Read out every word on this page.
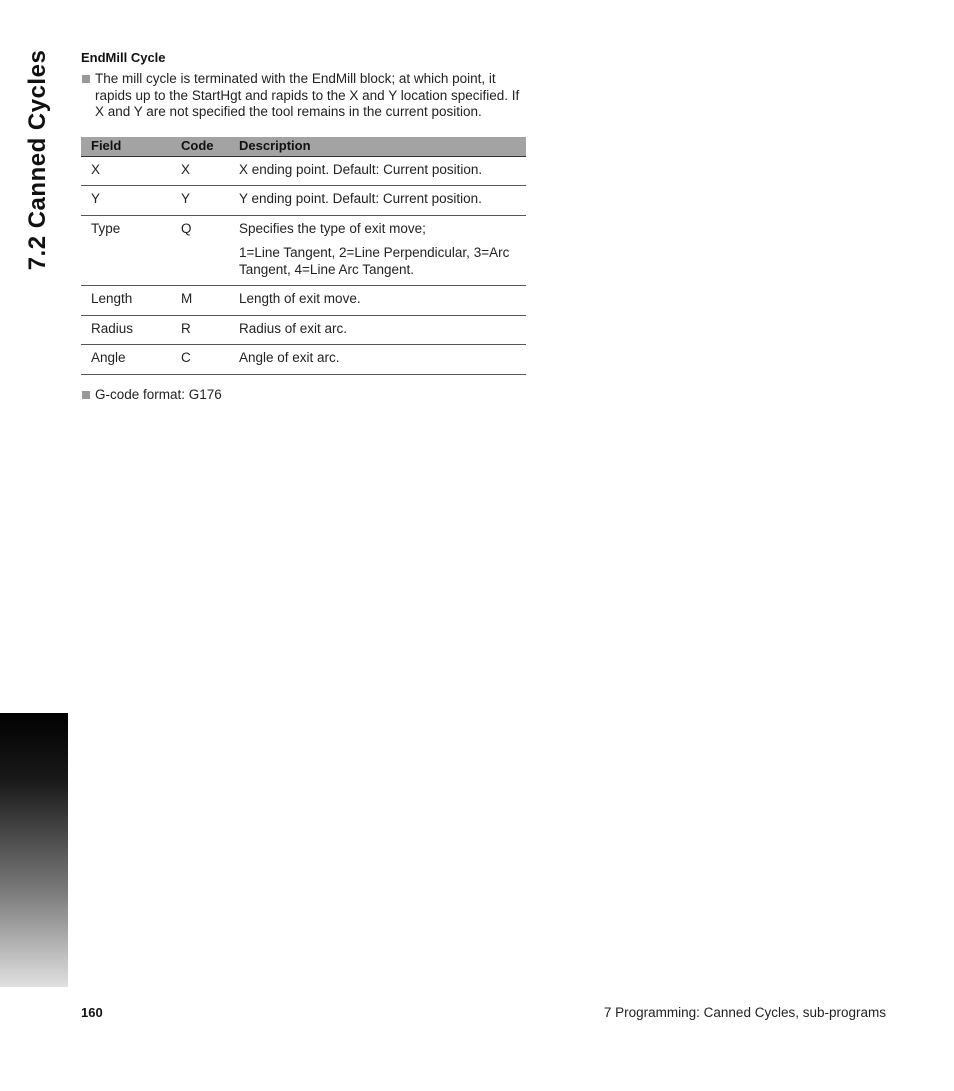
7.2 Canned Cycles EndMill Cycle
The mill cycle is terminated with the EndMill block; at which point, it rapids up to the StartHgt and rapids to the X and Y location specified. If X and Y are not specified the tool remains in the current position.
Field	Code	Description
X	X	X ending point. Default: Current position.
Y	Y	Y ending point. Default: Current position.
Type	Q	Specifies the type of exit move;
1=Line Tangent, 2=Line Perpendicular, 3=Arc Tangent, 4=Line Arc Tangent.

Length	M	Length of exit move.
Radius	R	Radius of exit arc.
Angle	C	Angle of exit arc.
G-code format: G176
160	7 Programming: Canned Cycles, sub-programs
